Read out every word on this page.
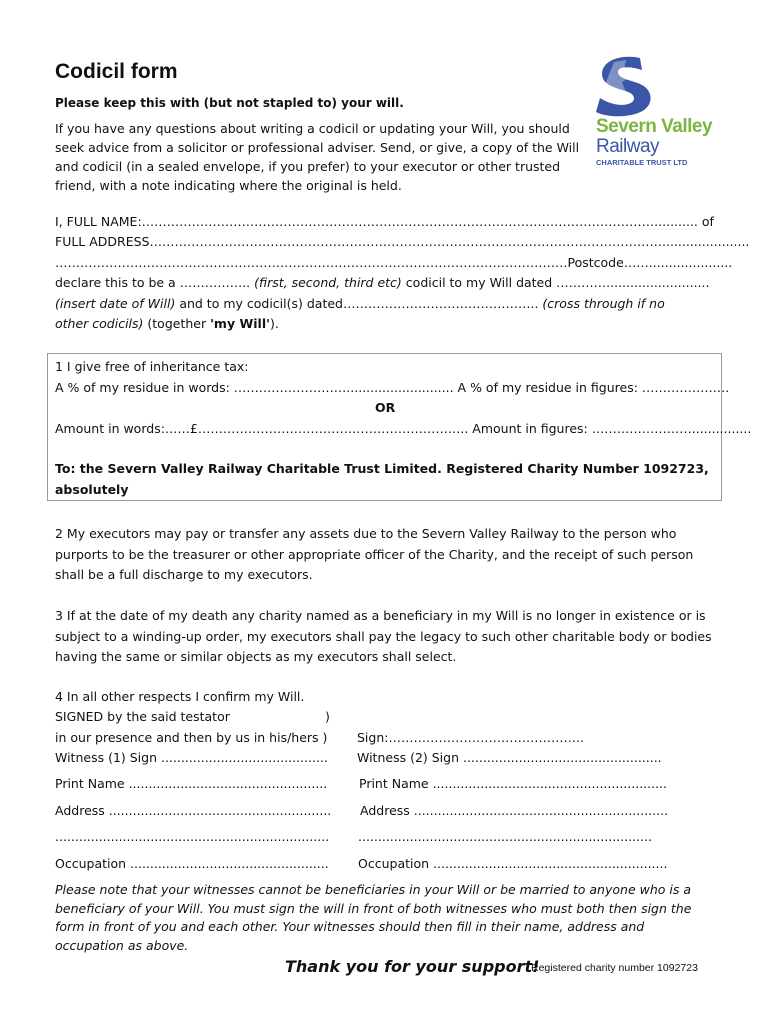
Codicil form
Please keep this with (but not stapled to) your will.
If you have any questions about writing a codicil or updating your Will, you should seek advice from a solicitor or professional adviser. Send, or give, a copy of the Will and codicil (in a sealed envelope, if you prefer) to your executor or other trusted friend, with a note indicating where the original is held.
Severn Valley
Railway
CHARITABLE TRUST LTD
I, FULL NAME:……………………………………………………………………………………………………………........... of
FULL ADDRESS……………………………………………………………………………………………………………......................
……………………………………………………………………………………………………………Postcode…….....................
declare this to be a …………….. (first, second, third etc) codicil to my Will dated …………..........................
(insert date of Will) and to my codicil(s) dated……………………………………….. (cross through if no
other codicils) (together 'my Will').
1 I give free of inheritance tax:
A % of my residue in words: ………………………........................... A % of my residue in figures: …………………
OR
Amount in words:……£……………………………………………………….. Amount in figures: ……………………...............
To: the Severn Valley Railway Charitable Trust Limited. Registered Charity Number 1092723,
absolutely
2 My executors may pay or transfer any assets due to the Severn Valley Railway to the person who purports to be the treasurer or other appropriate officer of the Charity, and the receipt of such person shall be a full discharge to my executors.
3 If at the date of my death any charity named as a beneficiary in my Will is no longer in existence or is subject to a winding-up order, my executors shall pay the legacy to such other charitable body or bodies having the same or similar objects as my executors shall select.
4 In all other respects I confirm my Will.
SIGNED by the said testator	)
in our presence and then by us in his/hers ) Sign:………………………………………..
Witness (1) Sign .......................................... Witness (2) Sign ..................................................
Print Name ..................................................	Print Name ...........................................................
Address ........................................................ Address ................................................................
..................................................................... ..........................................................................
Occupation .................................................. Occupation ...........................................................
Please note that your witnesses cannot be beneficiaries in your Will or be married to anyone who is a beneficiary of your Will. You must sign the will in front of both witnesses who must both then sign the form in front of you and each other. Your witnesses should then fill in their name, address and occupation as above.
Thank you for your support!
Registered charity number 1092723
